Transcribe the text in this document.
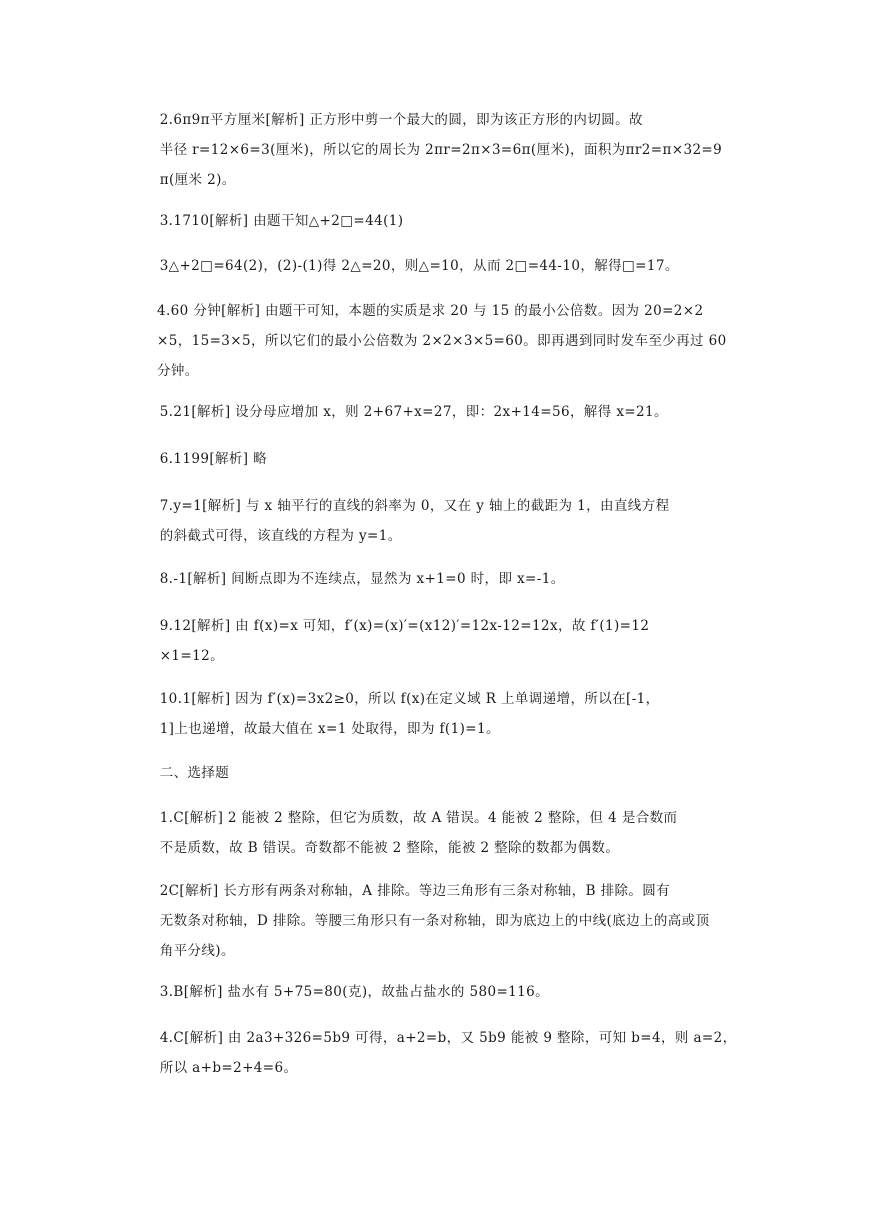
2.6π9π平方厘米[解析] 正方形中剪一个最大的圆，即为该正方形的内切圆。故
半径 r=12×6=3(厘米)，所以它的周长为 2πr=2π×3=6π(厘米)，面积为πr2=π×32=9
π(厘米 2)。

3.1710[解析] 由题干知△+2□=44(1)

3△+2□=64(2)，(2)-(1)得 2△=20，则△=10，从而 2□=44-10，解得□=17。

4.60 分钟[解析] 由题干可知，本题的实质是求 20 与 15 的最小公倍数。因为 20=2×2
×5，15=3×5，所以它们的最小公倍数为 2×2×3×5=60。即再遇到同时发车至少再过 60
分钟。

5.21[解析] 设分母应增加 x，则 2+67+x=27，即：2x+14=56，解得 x=21。

6.1199[解析] 略

7.y=1[解析] 与 x 轴平行的直线的斜率为 0，又在 y 轴上的截距为 1，由直线方程
的斜截式可得，该直线的方程为 y=1。

8.-1[解析] 间断点即为不连续点，显然为 x+1=0 时，即 x=-1。

9.12[解析] 由 f(x)=x 可知，f′(x)=(x)′=(x12)′=12x-12=12x，故 f′(1)=12
×1=12。

10.1[解析] 因为 f′(x)=3x2≥0，所以 f(x)在定义域 R 上单调递增，所以在[-1，
1]上也递增，故最大值在 x=1 处取得，即为 f(1)=1。

二、选择题

1.C[解析] 2 能被 2 整除，但它为质数，故 A 错误。4 能被 2 整除，但 4 是合数而
不是质数，故 B 错误。奇数都不能被 2 整除，能被 2 整除的数都为偶数。

2C[解析] 长方形有两条对称轴，A 排除。等边三角形有三条对称轴，B 排除。圆有
无数条对称轴，D 排除。等腰三角形只有一条对称轴，即为底边上的中线(底边上的高或顶
角平分线)。

3.B[解析] 盐水有 5+75=80(克)，故盐占盐水的 580=116。

4.C[解析] 由 2a3+326=5b9 可得，a+2=b，又 5b9 能被 9 整除，可知 b=4，则 a=2，
所以 a+b=2+4=6。
